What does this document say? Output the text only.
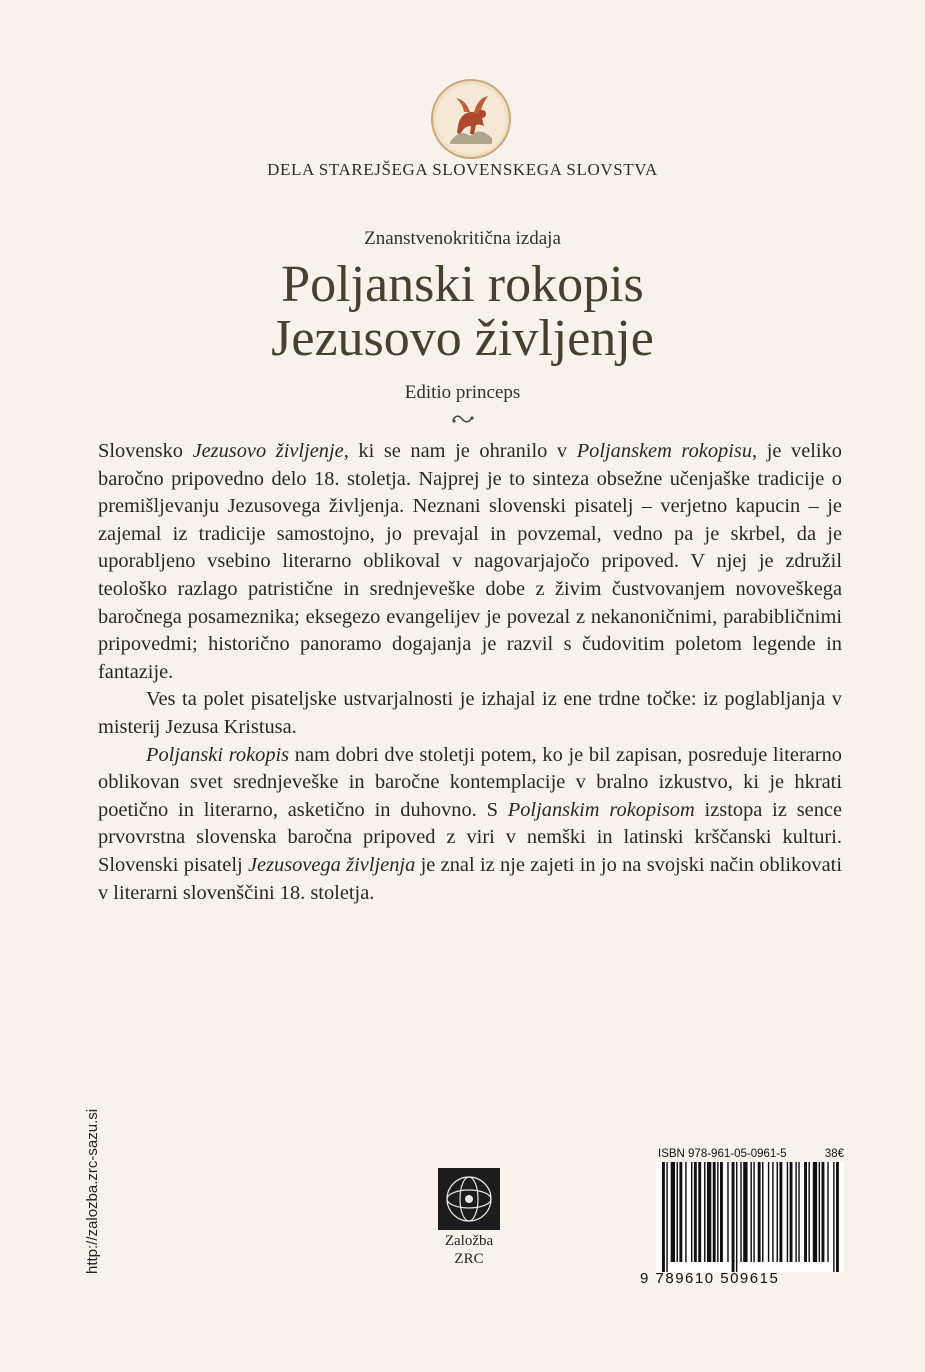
DELA STAREJŠEGA SLOVENSKEGA SLOVSTVA
Znanstvenokritična izdaja
Poljanski rokopis
Jezusovo življenje
Editio princeps

Slovensko Jezusovo življenje, ki se nam je ohranilo v Poljanskem rokopisu, je veliko baročno pripovedno delo 18. stoletja. Najprej je to sinteza obsežne učenjaške tradicije o premišljevanju Jezusovega življenja. Neznani slovenski pisatelj – verjetno kapucin – je zajemal iz tradicije samostojno, jo prevajal in povzemal, vedno pa je skrbel, da je uporabljeno vsebino literarno oblikoval v nagovarjajočo pripoved. V njej je združil teološko razlago patristične in srednjeveške dobe z živim čustvovanjem novoveškega baročnega posameznika; eksegezo evangelijev je povezal z nekanoničnimi, parabibličnimi pripovedmi; historično panoramo dogajanja je razvil s čudovitim poletom legende in fantazije.

Ves ta polet pisateljske ustvarjalnosti je izhajal iz ene trdne točke: iz poglabljanja v misterij Jezusa Kristusa.

Poljanski rokopis nam dobri dve stoletji potem, ko je bil zapisan, posreduje literarno oblikovan svet srednjeveške in baročne kontemplacije v bralno izkustvo, ki je hkrati poetično in literarno, asketično in duhovno. S Poljanskim rokopisom izstopa iz sence prvovrstna slovenska baročna pripoved z viri v nemški in latinski krščanski kulturi. Slovenski pisatelj Jezusovega življenja je znal iz nje zajeti in jo na svojski način oblikovati v literarni slovenščini 18. stoletja.

http://zalozba.zrc-sazu.si	Založba
ZRC
ISBN 978-961-05-0961-5	38€
9 789610 509615
